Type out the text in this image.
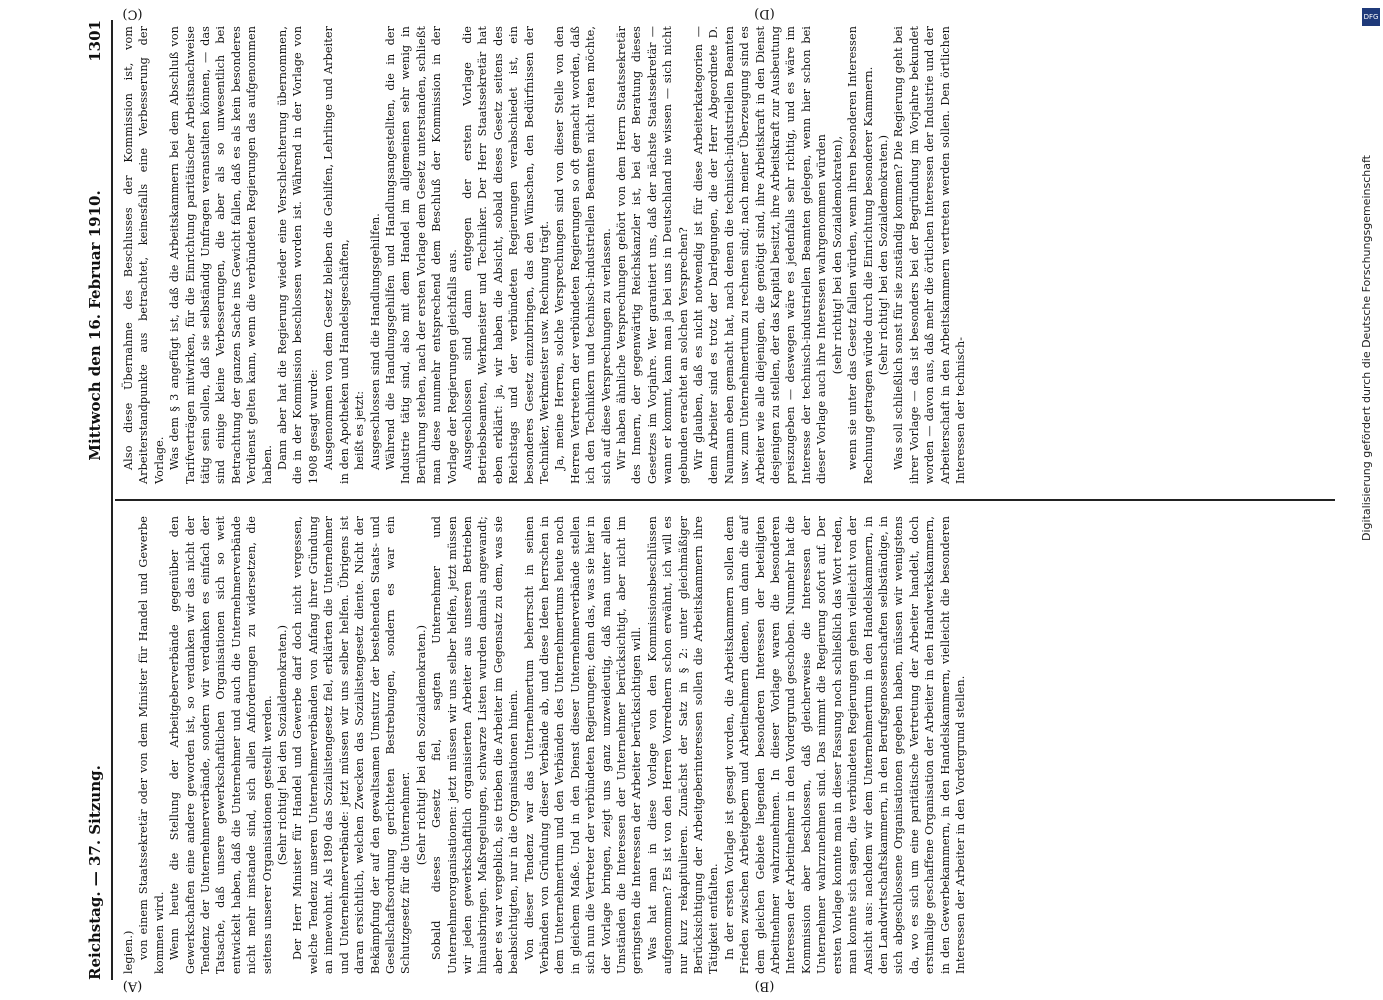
Reichstag. — 37. Sitzung.
Mittwoch den 16. Februar 1910.
1301
(A)	(B)
(C)	(D)

legien.) von einem Staatssekretär oder von dem Minister für Handel und Gewerbe kommen wird. Wenn heute die Stellung der Arbeitgeberverbände gegenüber den Gewerkschaften eine andere geworden ist, so verdanken wir das nicht der Tendenz der Unternehmerverbände, sondern wir verdanken es einfach der Tatsache, daß unsere gewerkschaftlichen Organisationen sich so weit entwickelt haben, daß die Unternehmer und auch die Unternehmerverbände nicht mehr imstande sind, sich allen Anforderungen zu widersetzen, die seitens unserer Organisationen gestellt werden. (Sehr richtig! bei den Sozialdemokraten.) Der Herr Minister für Handel und Gewerbe darf doch nicht vergessen, welche Tendenz unseren Unternehmerverbänden von Anfang ihrer Gründung an innewohnt. Als 1890 das Sozialistengesetz fiel, erklärten die Unternehmer und Unternehmerverbände: jetzt müssen wir uns selber helfen. Übrigens ist daran ersichtlich, welchen Zwecken das Sozialistengesetz diente. Nicht der Bekämpfung der auf den gewaltsamen Umsturz der bestehenden Staats- und Gesellschaftsordnung gerichteten Bestrebungen, sondern es war ein Schutzgesetz für die Unternehmer.

(Sehr richtig! bei den Sozialdemokraten.) Sobald dieses Gesetz fiel, sagten Unternehmer und Unternehmerorganisationen: jetzt müssen wir uns selber helfen, jetzt müssen wir jeden gewerkschaftlich organisierten Arbeiter aus unseren Betrieben hinausbringen. Maßregelungen, schwarze Listen wurden damals angewandt; aber es war vergeblich, sie trieben die Arbeiter im Gegensatz zu dem, was sie beabsichtigten, nur in die Organisationen hinein. Von dieser Tendenz war das Unternehmertum beherrscht in seinen Verbänden von Gründung dieser Verbände ab, und diese Ideen herrschen in dem Unternehmertum und den Verbänden des Unternehmertums heute noch in gleichem Maße. Und in den Dienst dieser Unternehmerverbände stellen sich nun die Vertreter der verbündeten Regierungen; denn das, was sie hier in der Vorlage bringen, zeigt uns ganz unzweideutig, daß man unter allen Umständen die Interessen der Unternehmer berücksichtigt, aber nicht im geringsten die Interessen der Arbeiter berücksichtigen will. Was hat man in diese Vorlage von den Kommissionsbeschlüssen aufgenommen? Es ist von den Herren Vorrednern schon erwähnt, ich will es nur kurz rekapitulieren. Zunächst der Satz in § 2: unter gleichmäßiger Berücksichtigung der Arbeitgeberinteressen sollen die Arbeitskammern ihre Tätigkeit entfalten. In der ersten Vorlage ist gesagt worden, die Arbeitskammern sollen dem Frieden zwischen Arbeitgebern und Arbeitnehmern dienen, um dann die auf dem gleichen Gebiete liegenden besonderen Interessen der beteiligten Arbeitnehmer wahrzunehmen. In dieser Vorlage waren die besonderen Interessen der Arbeitnehmer in den Vordergrund geschoben. Nunmehr hat die Kommission aber beschlossen, daß gleicherweise die Interessen der Unternehmer wahrzunehmen sind. Das nimmt die Regierung sofort auf. Der ersten Vorlage konnte man in dieser Fassung noch schließlich das Wort reden, man konnte sich sagen, die verbündeten Regierungen gehen vielleicht von der Ansicht aus: nachdem wir dem Unternehmertum in den Handelskammern, in den Landwirtschaftskammern, in den Berufsgenossenschaften selbständige, in sich abgeschlossene Organisationen gegeben haben, müssen wir wenigstens da, wo es sich um eine paritätische Vertretung der Arbeiter handelt, doch erstmalige geschaffene Organisation der Arbeiter in den Handwerkskammern, in den Gewerbekammern, in den Handelskammern, vielleicht die besonderen Interessen der Arbeiter in den Vordergrund stellen.

Also diese Übernahme des Beschlusses der Kommission ist, vom Arbeiterstandpunkte aus betrachtet, keinesfalls eine Verbesserung der Vorlage. Was dem § 3 angefügt ist, daß die Arbeitskammern bei dem Abschluß von Tarifverträgen mitwirken, für die Einrichtung paritätischer Arbeitsnachweise tätig sein sollen, daß sie selbständig Umfragen veranstalten können, — das sind einige kleine Verbesserungen, die aber als so unwesentlich bei Betrachtung der ganzen Sache ins Gewicht fallen, daß es als kein besonderes Verdienst gelten kann, wenn die verbündeten Regierungen das aufgenommen haben. Dann aber hat die Regierung wieder eine Verschlechterung übernommen, die in der Kommission beschlossen worden ist. Während in der Vorlage von 1908 gesagt wurde: Ausgenommen von dem Gesetz bleiben die Gehilfen, Lehrlinge und Arbeiter in den Apotheken und Handelsgeschäften, heißt es jetzt: Ausgeschlossen sind die Handlungsgehilfen. Während die Handlungsgehilfen und Handlungsangestellten, die in der Industrie tätig sind, also mit dem Handel im allgemeinen sehr wenig in Berührung stehen, nach der ersten Vorlage dem Gesetz unterstanden, schließt man diese nunmehr entsprechend dem Beschluß der Kommission in der Vorlage der Regierungen gleichfalls aus. Ausgeschlossen sind dann entgegen der ersten Vorlage die Betriebsbeamten, Werkmeister und Techniker. Der Herr Staatssekretär hat eben erklärt: ja, wir haben die Absicht, sobald dieses Gesetz seitens des Reichstags und der verbündeten Regierungen verabschiedet ist, ein besonderes Gesetz einzubringen, das den Wünschen, den Bedürfnissen der Techniker, Werkmeister usw. Rechnung trägt. Ja, meine Herren, solche Versprechungen sind von dieser Stelle von den Herren Vertretern der verbündeten Regierungen so oft gemacht worden, daß ich den Technikern und technisch-industriellen Beamten nicht raten möchte, sich auf diese Versprechungen zu verlassen. Wir haben ähnliche Versprechungen gehört von dem Herrn Staatssekretär des Innern, der gegenwärtig Reichskanzler ist, bei der Beratung dieses Gesetzes im Vorjahre. Wer garantiert uns, daß der nächste Staatssekretär — wann er kommt, kann man ja bei uns in Deutschland nie wissen — sich nicht gebunden erachtet an solchen Versprechen? Wir glauben, daß es nicht notwendig ist für diese Arbeiterkategorien — denn Arbeiter sind es trotz der Darlegungen, die der Herr Abgeordnete D. Naumann eben gemacht hat, nach denen die technisch-industriellen Beamten usw. zum Unternehmertum zu rechnen sind; nach meiner Überzeugung sind es Arbeiter wie alle diejenigen, die genötigt sind, ihre Arbeitskraft in den Dienst desjenigen zu stellen, der das Kapital besitzt, ihre Arbeitskraft zur Ausbeutung preiszugeben — deswegen wäre es jedenfalls sehr richtig, und es wäre im Interesse der technisch-industriellen Beamten gelegen, wenn hier schon bei dieser Vorlage auch ihre Interessen wahrgenommen würden (sehr richtig! bei den Sozialdemokraten), wenn sie unter das Gesetz fallen würden, wenn ihren besonderen Interessen Rechnung getragen würde durch die Einrichtung besonderer Kammern. (Sehr richtig! bei den Sozialdemokraten.) Was soll schließlich sonst für sie zuständig kommen? Die Regierung geht bei ihrer Vorlage — das ist besonders bei der Begründung im Vorjahre bekundet worden — davon aus, daß mehr die örtlichen Interessen der Industrie und der Arbeiterschaft in den Arbeitskammern vertreten werden sollen. Den örtlichen Interessen der technisch-

DFG
Digitalisierung gefördert durch die Deutsche Forschungsgemeinschaft
